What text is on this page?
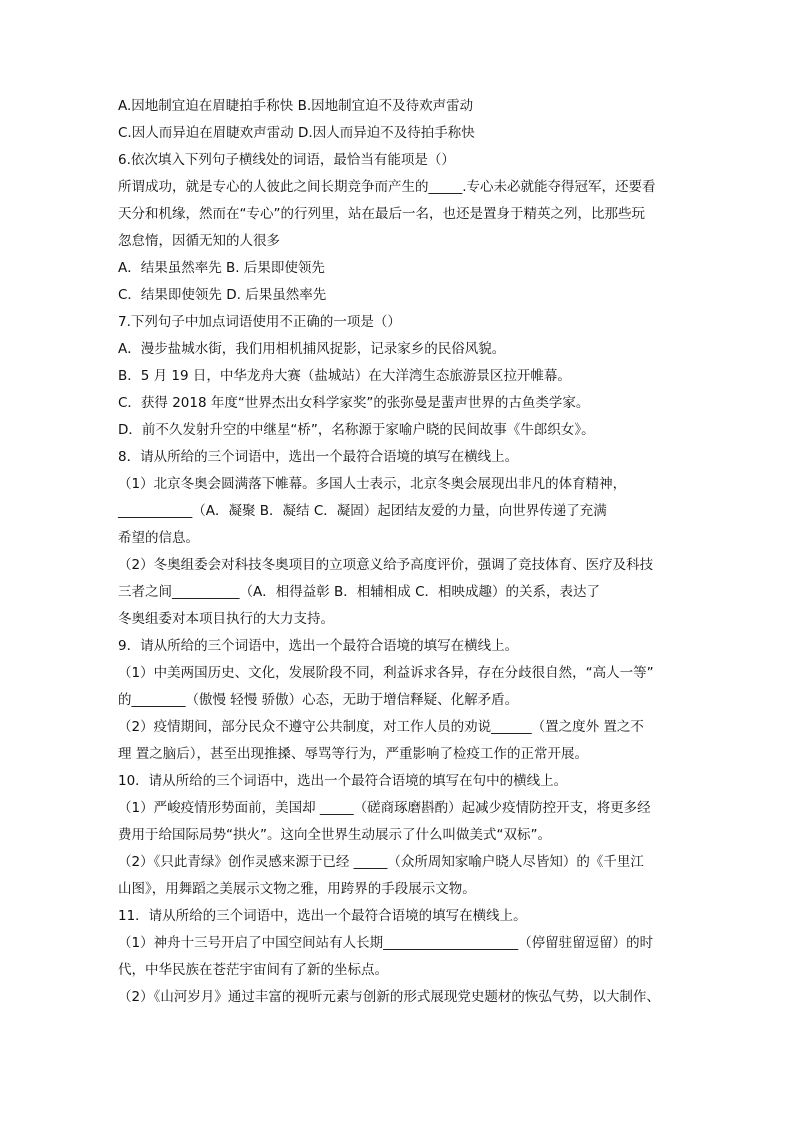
A.因地制宜迫在眉睫拍手称快 B.因地制宜迫不及待欢声雷动
C.因人而异迫在眉睫欢声雷动 D.因人而异迫不及待拍手称快
6.依次填入下列句子横线处的词语，最恰当有能项是（）
所谓成功，就是专心的人彼此之间长期竞争而产生的_____.专心未必就能夺得冠军，还要看
天分和机缘，然而在“专心”的行列里，站在最后一名，也还是置身于精英之列，比那些玩
忽怠惰，因循无知的人很多
A．结果虽然率先 B. 后果即使领先
C．结果即使领先 D. 后果虽然率先
7.下列句子中加点词语使用不正确的一项是（）
A．漫步盐城水街，我们用相机捕风捉影，记录家乡的民俗风貌。
B．5 月 19 日，中华龙舟大赛（盐城站）在大洋湾生态旅游景区拉开帷幕。
C．获得 2018 年度“世界杰出女科学家奖”的张弥曼是蜚声世界的古鱼类学家。
D．前不久发射升空的中继星“桥”，名称源于家喻户晓的民间故事《牛郎织女》。
8．请从所给的三个词语中，选出一个最符合语境的填写在横线上。
（1）北京冬奥会圆满落下帷幕。多国人士表示，北京冬奥会展现出非凡的体育精神，
___________（A．凝聚 B．凝结 C．凝固）起团结友爱的力量，向世界传递了充满
希望的信息。
（2）冬奥组委会对科技冬奥项目的立项意义给予高度评价，强调了竞技体育、医疗及科技
三者之间__________（A．相得益彰 B．相辅相成 C．相映成趣）的关系，表达了
冬奥组委对本项目执行的大力支持。
9．请从所给的三个词语中，选出一个最符合语境的填写在横线上。
（1）中美两国历史、文化，发展阶段不同，利益诉求各异，存在分歧很自然，“高人一等”
的________（傲慢 轻慢 骄傲）心态，无助于增信释疑、化解矛盾。
（2）疫情期间，部分民众不遵守公共制度，对工作人员的劝说______（置之度外 置之不
理 置之脑后），甚至出现推搡、辱骂等行为，严重影响了检疫工作的正常开展。
10．请从所给的三个词语中，选出一个最符合语境的填写在句中的横线上。
（1）严峻疫情形势面前，美国却 _____（磋商琢磨斟酌）起减少疫情防控开支，将更多经
费用于给国际局势“拱火”。这向全世界生动展示了什么叫做美式“双标”。
（2）《只此青绿》创作灵感来源于已经 _____（众所周知家喻户晓人尽皆知）的《千里江
山图》，用舞蹈之美展示文物之雅，用跨界的手段展示文物。
11．请从所给的三个词语中，选出一个最符合语境的填写在横线上。
（1）神舟十三号开启了中国空间站有人长期____________________（停留驻留逗留）的时
代，中华民族在苍茫宇宙间有了新的坐标点。
（2）《山河岁月》通过丰富的视听元素与创新的形式展现党史题材的恢弘气势，以大制作、
